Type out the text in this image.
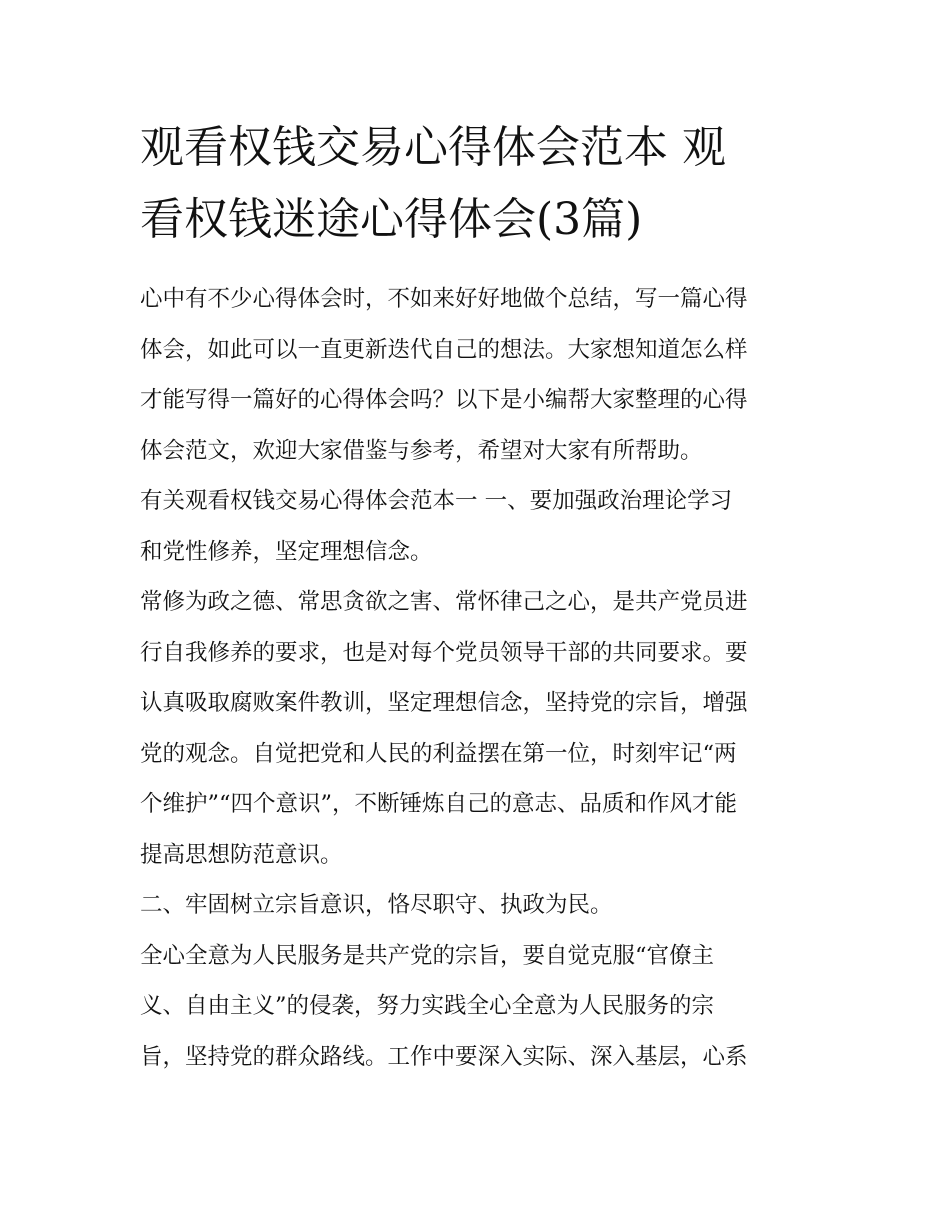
观看权钱交易心得体会范本 观
看权钱迷途心得体会(3篇)

心中有不少心得体会时，不如来好好地做个总结，写一篇心得
体会，如此可以一直更新迭代自己的想法。大家想知道怎么样
才能写得一篇好的心得体会吗？以下是小编帮大家整理的心得
体会范文，欢迎大家借鉴与参考，希望对大家有所帮助。

有关观看权钱交易心得体会范本一 一、要加强政治理论学习
和党性修养，坚定理想信念。

常修为政之德、常思贪欲之害、常怀律己之心，是共产党员进
行自我修养的要求，也是对每个党员领导干部的共同要求。要
认真吸取腐败案件教训，坚定理想信念，坚持党的宗旨，增强
党的观念。自觉把党和人民的利益摆在第一位，时刻牢记“两
个维护”“四个意识”，不断锤炼自己的意志、品质和作风才能
提高思想防范意识。

二、牢固树立宗旨意识，恪尽职守、执政为民。

全心全意为人民服务是共产党的宗旨，要自觉克服“官僚主
义、自由主义”的侵袭，努力实践全心全意为人民服务的宗
旨，坚持党的群众路线。工作中要深入实际、深入基层，心系
